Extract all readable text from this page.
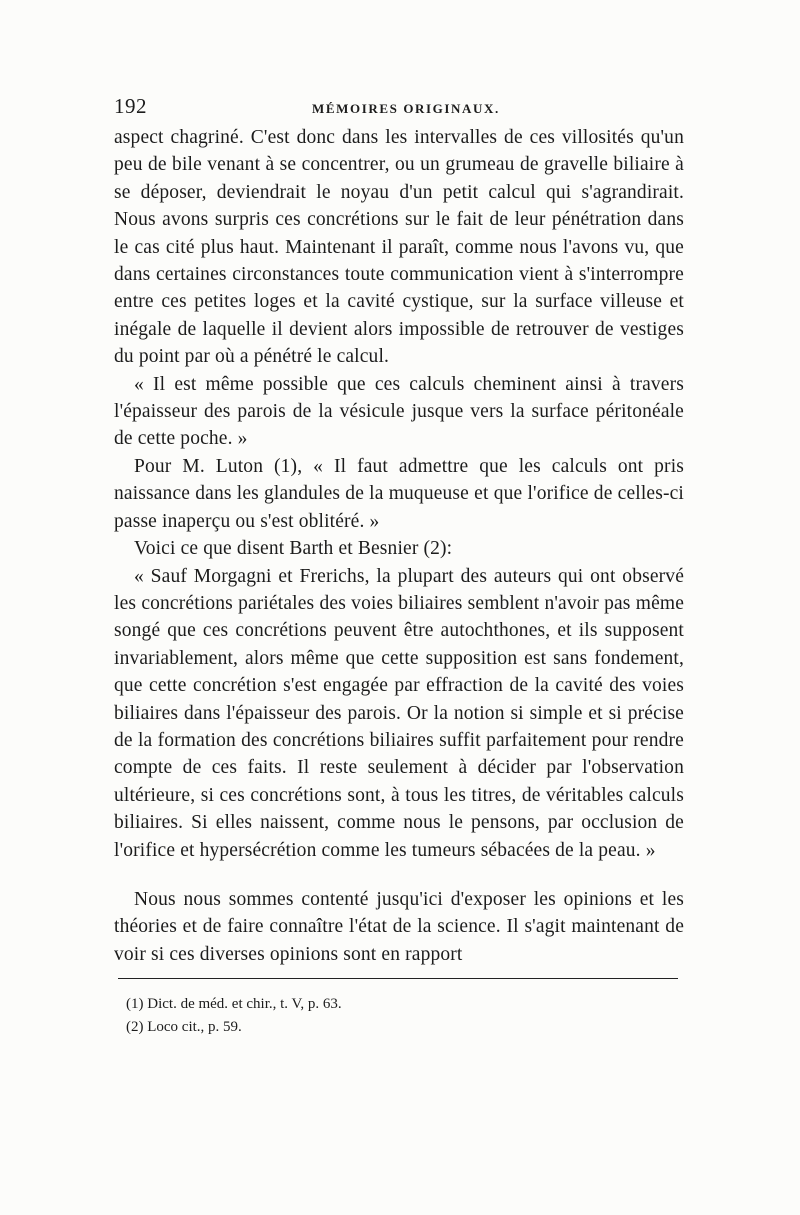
192	MÉMOIRES ORIGINAUX.

aspect chagriné. C'est donc dans les intervalles de ces villosités qu'un peu de bile venant à se concentrer, ou un grumeau de gravelle biliaire à se déposer, deviendrait le noyau d'un petit calcul qui s'agrandirait. Nous avons surpris ces concrétions sur le fait de leur pénétration dans le cas cité plus haut. Maintenant il paraît, comme nous l'avons vu, que dans certaines circonstances toute communication vient à s'interrompre entre ces petites loges et la cavité cystique, sur la surface villeuse et inégale de laquelle il devient alors impossible de retrouver de vestiges du point par où a pénétré le calcul.

« Il est même possible que ces calculs cheminent ainsi à travers l'épaisseur des parois de la vésicule jusque vers la surface péritonéale de cette poche. »

Pour M. Luton (1), « Il faut admettre que les calculs ont pris naissance dans les glandules de la muqueuse et que l'orifice de celles-ci passe inaperçu ou s'est oblitéré. »

Voici ce que disent Barth et Besnier (2):

« Sauf Morgagni et Frerichs, la plupart des auteurs qui ont observé les concrétions pariétales des voies biliaires semblent n'avoir pas même songé que ces concrétions peuvent être autochthones, et ils supposent invariablement, alors même que cette supposition est sans fondement, que cette concrétion s'est engagée par effraction de la cavité des voies biliaires dans l'épaisseur des parois. Or la notion si simple et si précise de la formation des concrétions biliaires suffit parfaitement pour rendre compte de ces faits. Il reste seulement à décider par l'observation ultérieure, si ces concrétions sont, à tous les titres, de véritables calculs biliaires. Si elles naissent, comme nous le pensons, par occlusion de l'orifice et hypersécrétion comme les tumeurs sébacées de la peau. »

Nous nous sommes contenté jusqu'ici d'exposer les opinions et les théories et de faire connaître l'état de la science. Il s'agit maintenant de voir si ces diverses opinions sont en rapport

(1) Dict. de méd. et chir., t. V, p. 63.
(2) Loco cit., p. 59.
